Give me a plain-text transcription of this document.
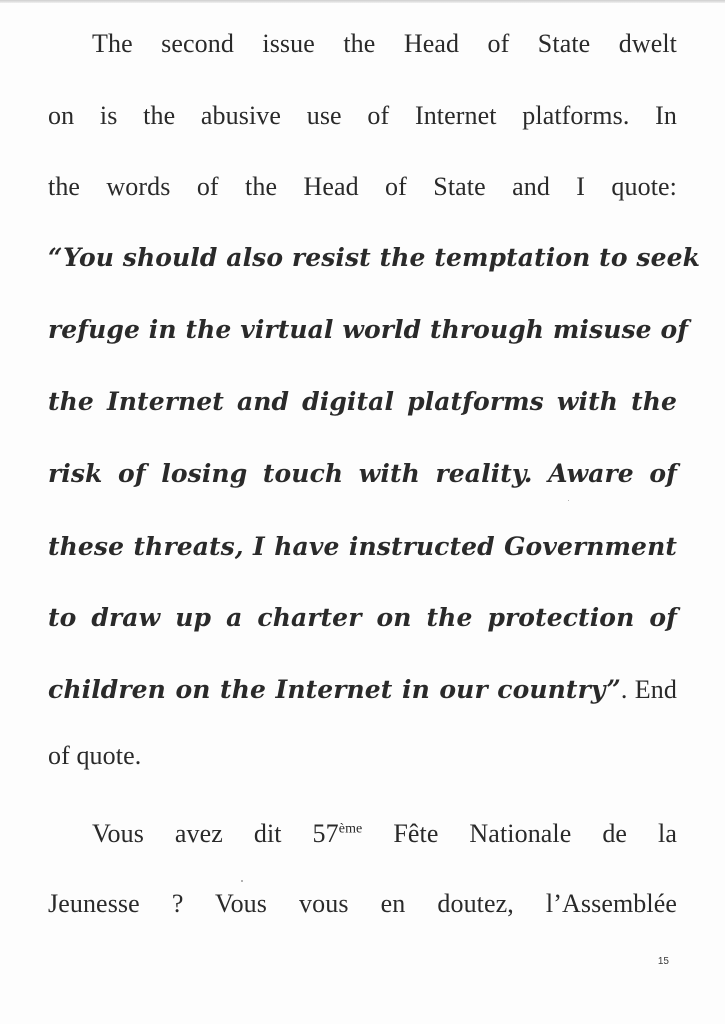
The second issue the Head of State dwelt
on is the abusive use of Internet platforms. In
the words of the Head of State and I quote:
“You should also resist the temptation to seek
refuge in the virtual world through misuse of
the Internet and digital platforms with the
risk of losing touch with reality. Aware of
these threats, I have instructed Government
to draw up a charter on the protection of
children on the Internet in our country”. End
of quote.
Vous avez dit 57ème Fête Nationale de la
Jeunesse ? Vous vous en doutez, l’Assemblée
15
